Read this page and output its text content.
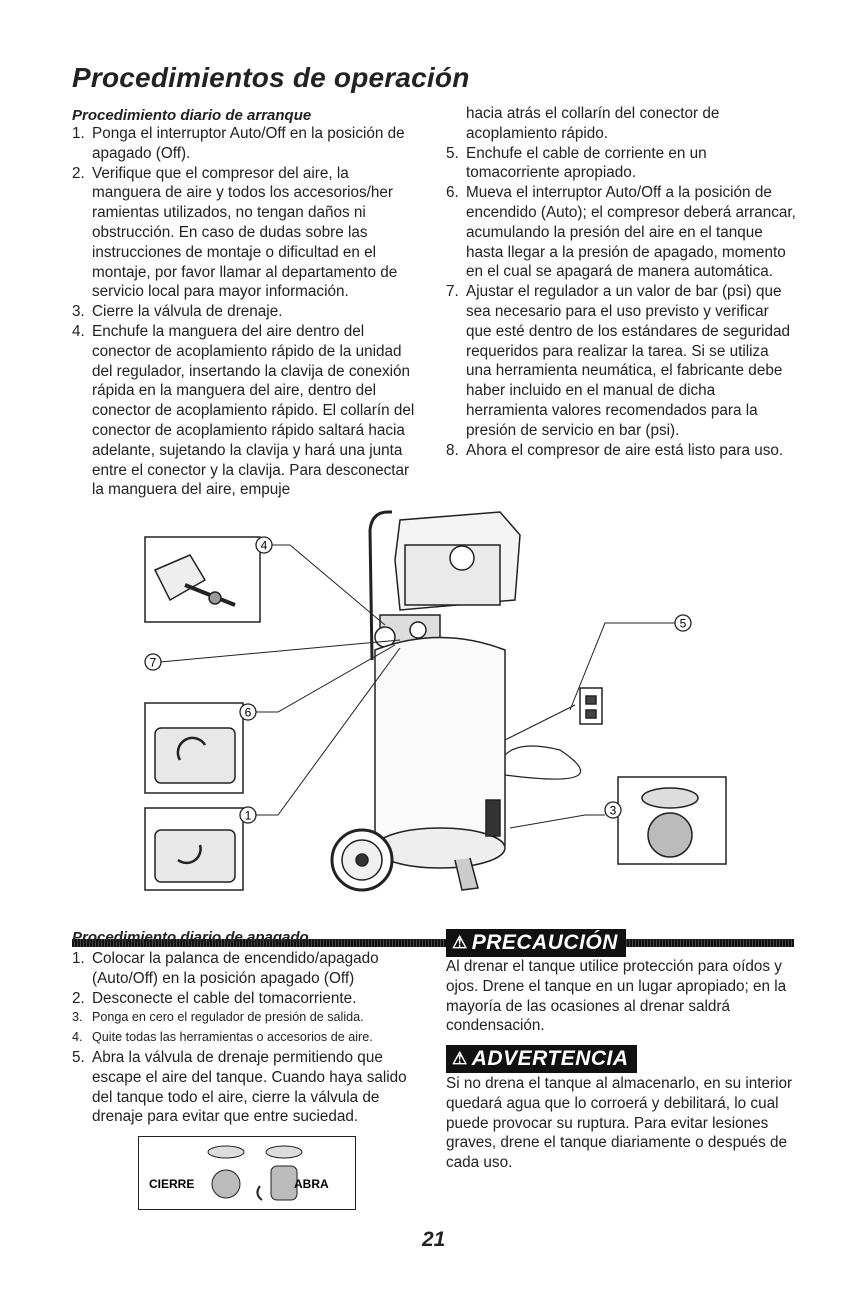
Procedimientos de operación
Procedimiento diario de arranque
1. Ponga el interruptor Auto/Off en la posición de apagado (Off).
2. Verifique que el compresor del aire, la manguera de aire y todos los accesorios/her ramientas utilizados, no tengan daños ni obstrucción. En caso de dudas sobre las instrucciones de montaje o dificultad en el montaje, por favor llamar al departamento de servicio local para mayor información.
3. Cierre la válvula de drenaje.
4. Enchufe la manguera del aire dentro del conector de acoplamiento rápido de la unidad del regulador, insertando la clavija de conexión rápida en la manguera del aire, dentro del conector de acoplamiento rápido. El collarín del conector de acoplamiento rápido saltará hacia adelante, sujetando la clavija y hará una junta entre el conector y la clavija. Para desconectar la manguera del aire, empuje
hacia atrás el collarín del conector de acoplamiento rápido.
5. Enchufe el cable de corriente en un tomacorriente apropiado.
6. Mueva el interruptor Auto/Off a la posición de encendido (Auto); el compresor deberá arrancar, acumulando la presión del aire en el tanque hasta llegar a la presión de apagado, momento en el cual se apagará de manera automática.
7. Ajustar el regulador a un valor de bar (psi) que sea necesario para el uso previsto y verificar que esté dentro de los estándares de seguridad requeridos para realizar la tarea. Si se utiliza una herramienta neumática, el fabricante debe haber incluido en el manual de dicha herramienta valores recomendados para la presión de servicio en bar (psi).
8. Ahora el compresor de aire está listo para uso.
4
5
7
6
1	3
Procedimiento diario de apagado
1. Colocar la palanca de encendido/apagado (Auto/Off) en la posición apagado (Off)
2. Desconecte el cable del tomacorriente.
3. Ponga en cero el regulador de presión de salida.
4. Quite todas las herramientas o accesorios de aire.
5. Abra la válvula de drenaje permitiendo que escape el aire del tanque. Cuando haya salido del tanque todo el aire, cierre la válvula de drenaje para evitar que entre suciedad.
CIERRE	ABRA
⚠ PRECAUCIÓN
Al drenar el tanque utilice protección para oídos y ojos. Drene el tanque en un lugar apropiado; en la mayoría de las ocasiones al drenar saldrá condensación.
⚠ ADVERTENCIA
Si no drena el tanque al almacenarlo, en su interior quedará agua que lo corroerá y debilitará, lo cual puede provocar su ruptura. Para evitar lesiones graves, drene el tanque diariamente o después de cada uso.
21
